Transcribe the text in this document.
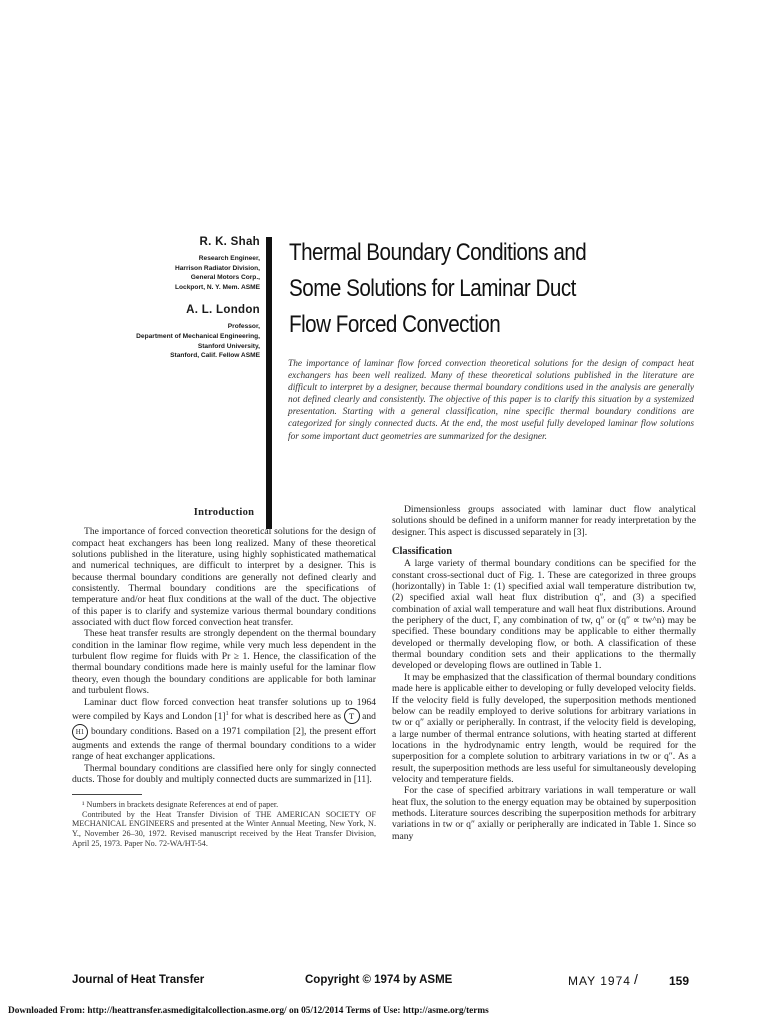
R. K. Shah
Research Engineer,
Harrison Radiator Division,
General Motors Corp.,
Lockport, N. Y. Mem. ASME
A. L. London
Professor,
Department of Mechanical Engineering,
Stanford University,
Stanford, Calif. Fellow ASME
Thermal Boundary Conditions and
Some Solutions for Laminar Duct
Flow Forced Convection
The importance of laminar flow forced convection theoretical solutions for the design of compact heat exchangers has been well realized. Many of these theoretical solutions published in the literature are difficult to interpret by a designer, because thermal boundary conditions used in the analysis are generally not defined clearly and consistently. The objective of this paper is to clarify this situation by a systemized presentation. Starting with a general classification, nine specific thermal boundary conditions are categorized for singly connected ducts. At the end, the most useful fully developed laminar flow solutions for some important duct geometries are summarized for the designer.
Introduction

The importance of forced convection theoretical solutions for the design of compact heat exchangers has been long realized. Many of these theoretical solutions published in the literature, using highly sophisticated mathematical and numerical techniques, are difficult to interpret by a designer. This is because thermal boundary conditions are generally not defined clearly and consistently. Thermal boundary conditions are the specifications of temperature and/or heat flux conditions at the wall of the duct. The objective of this paper is to clarify and systemize various thermal boundary conditions associated with duct flow forced convection heat transfer.

These heat transfer results are strongly dependent on the thermal boundary condition in the laminar flow regime, while very much less dependent in the turbulent flow regime for fluids with Pr ≥ 1. Hence, the classification of the thermal boundary conditions made here is mainly useful for the laminar flow theory, even though the boundary conditions are applicable for both laminar and turbulent flows.

Laminar duct flow forced convection heat transfer solutions up to 1964 were compiled by Kays and London $[1]^1$ for what is described here as T and H1 boundary conditions. Based on a 1971 compilation [2], the present effort augments and extends the range of thermal boundary conditions to a wider range of heat exchanger applications.

Thermal boundary conditions are classified here only for singly connected ducts. Those for doubly and multiply connected ducts are summarized in [11].

¹ Numbers in brackets designate References at end of paper.

Contributed by the Heat Transfer Division of THE AMERICAN SOCIETY OF MECHANICAL ENGINEERS and presented at the Winter Annual Meeting, New York, N. Y., November 26–30, 1972. Revised manuscript received by the Heat Transfer Division, April 25, 1973. Paper No. 72-WA/HT-54.

Dimensionless groups associated with laminar duct flow analytical solutions should be defined in a uniform manner for ready interpretation by the designer. This aspect is discussed separately in [3].

Classification

A large variety of thermal boundary conditions can be specified for the constant cross-sectional duct of Fig. 1. These are categorized in three groups (horizontally) in Table 1: (1) specified axial wall temperature distribution tw, (2) specified axial wall heat flux distribution q″, and (3) a specified combination of axial wall temperature and wall heat flux distributions. Around the periphery of the duct, Γ, any combination of tw, q″ or (q″ ∝ tw^n) may be specified. These boundary conditions may be applicable to either thermally developed or thermally developing flow, or both. A classification of these thermal boundary condition sets and their applications to the thermally developed or developing flows are outlined in Table 1.

It may be emphasized that the classification of thermal boundary conditions made here is applicable either to developing or fully developed velocity fields. If the velocity field is fully developed, the superposition methods mentioned below can be readily employed to derive solutions for arbitrary variations in tw or q″ axially or peripherally. In contrast, if the velocity field is developing, a large number of thermal entrance solutions, with heating started at different locations in the hydrodynamic entry length, would be required for the superposition for a complete solution to arbitrary variations in tw or q″. As a result, the superposition methods are less useful for simultaneously developing velocity and temperature fields.

For the case of specified arbitrary variations in wall temperature or wall heat flux, the solution to the energy equation may be obtained by superposition methods. Literature sources describing the superposition methods for arbitrary variations in tw or q″ axially or peripherally are indicated in Table 1. Since so many

Journal of Heat Transfer	Copyright © 1974 by ASME	MAY 1974 /	159
Downloaded From: http://heattransfer.asmedigitalcollection.asme.org/ on 05/12/2014 Terms of Use: http://asme.org/terms
